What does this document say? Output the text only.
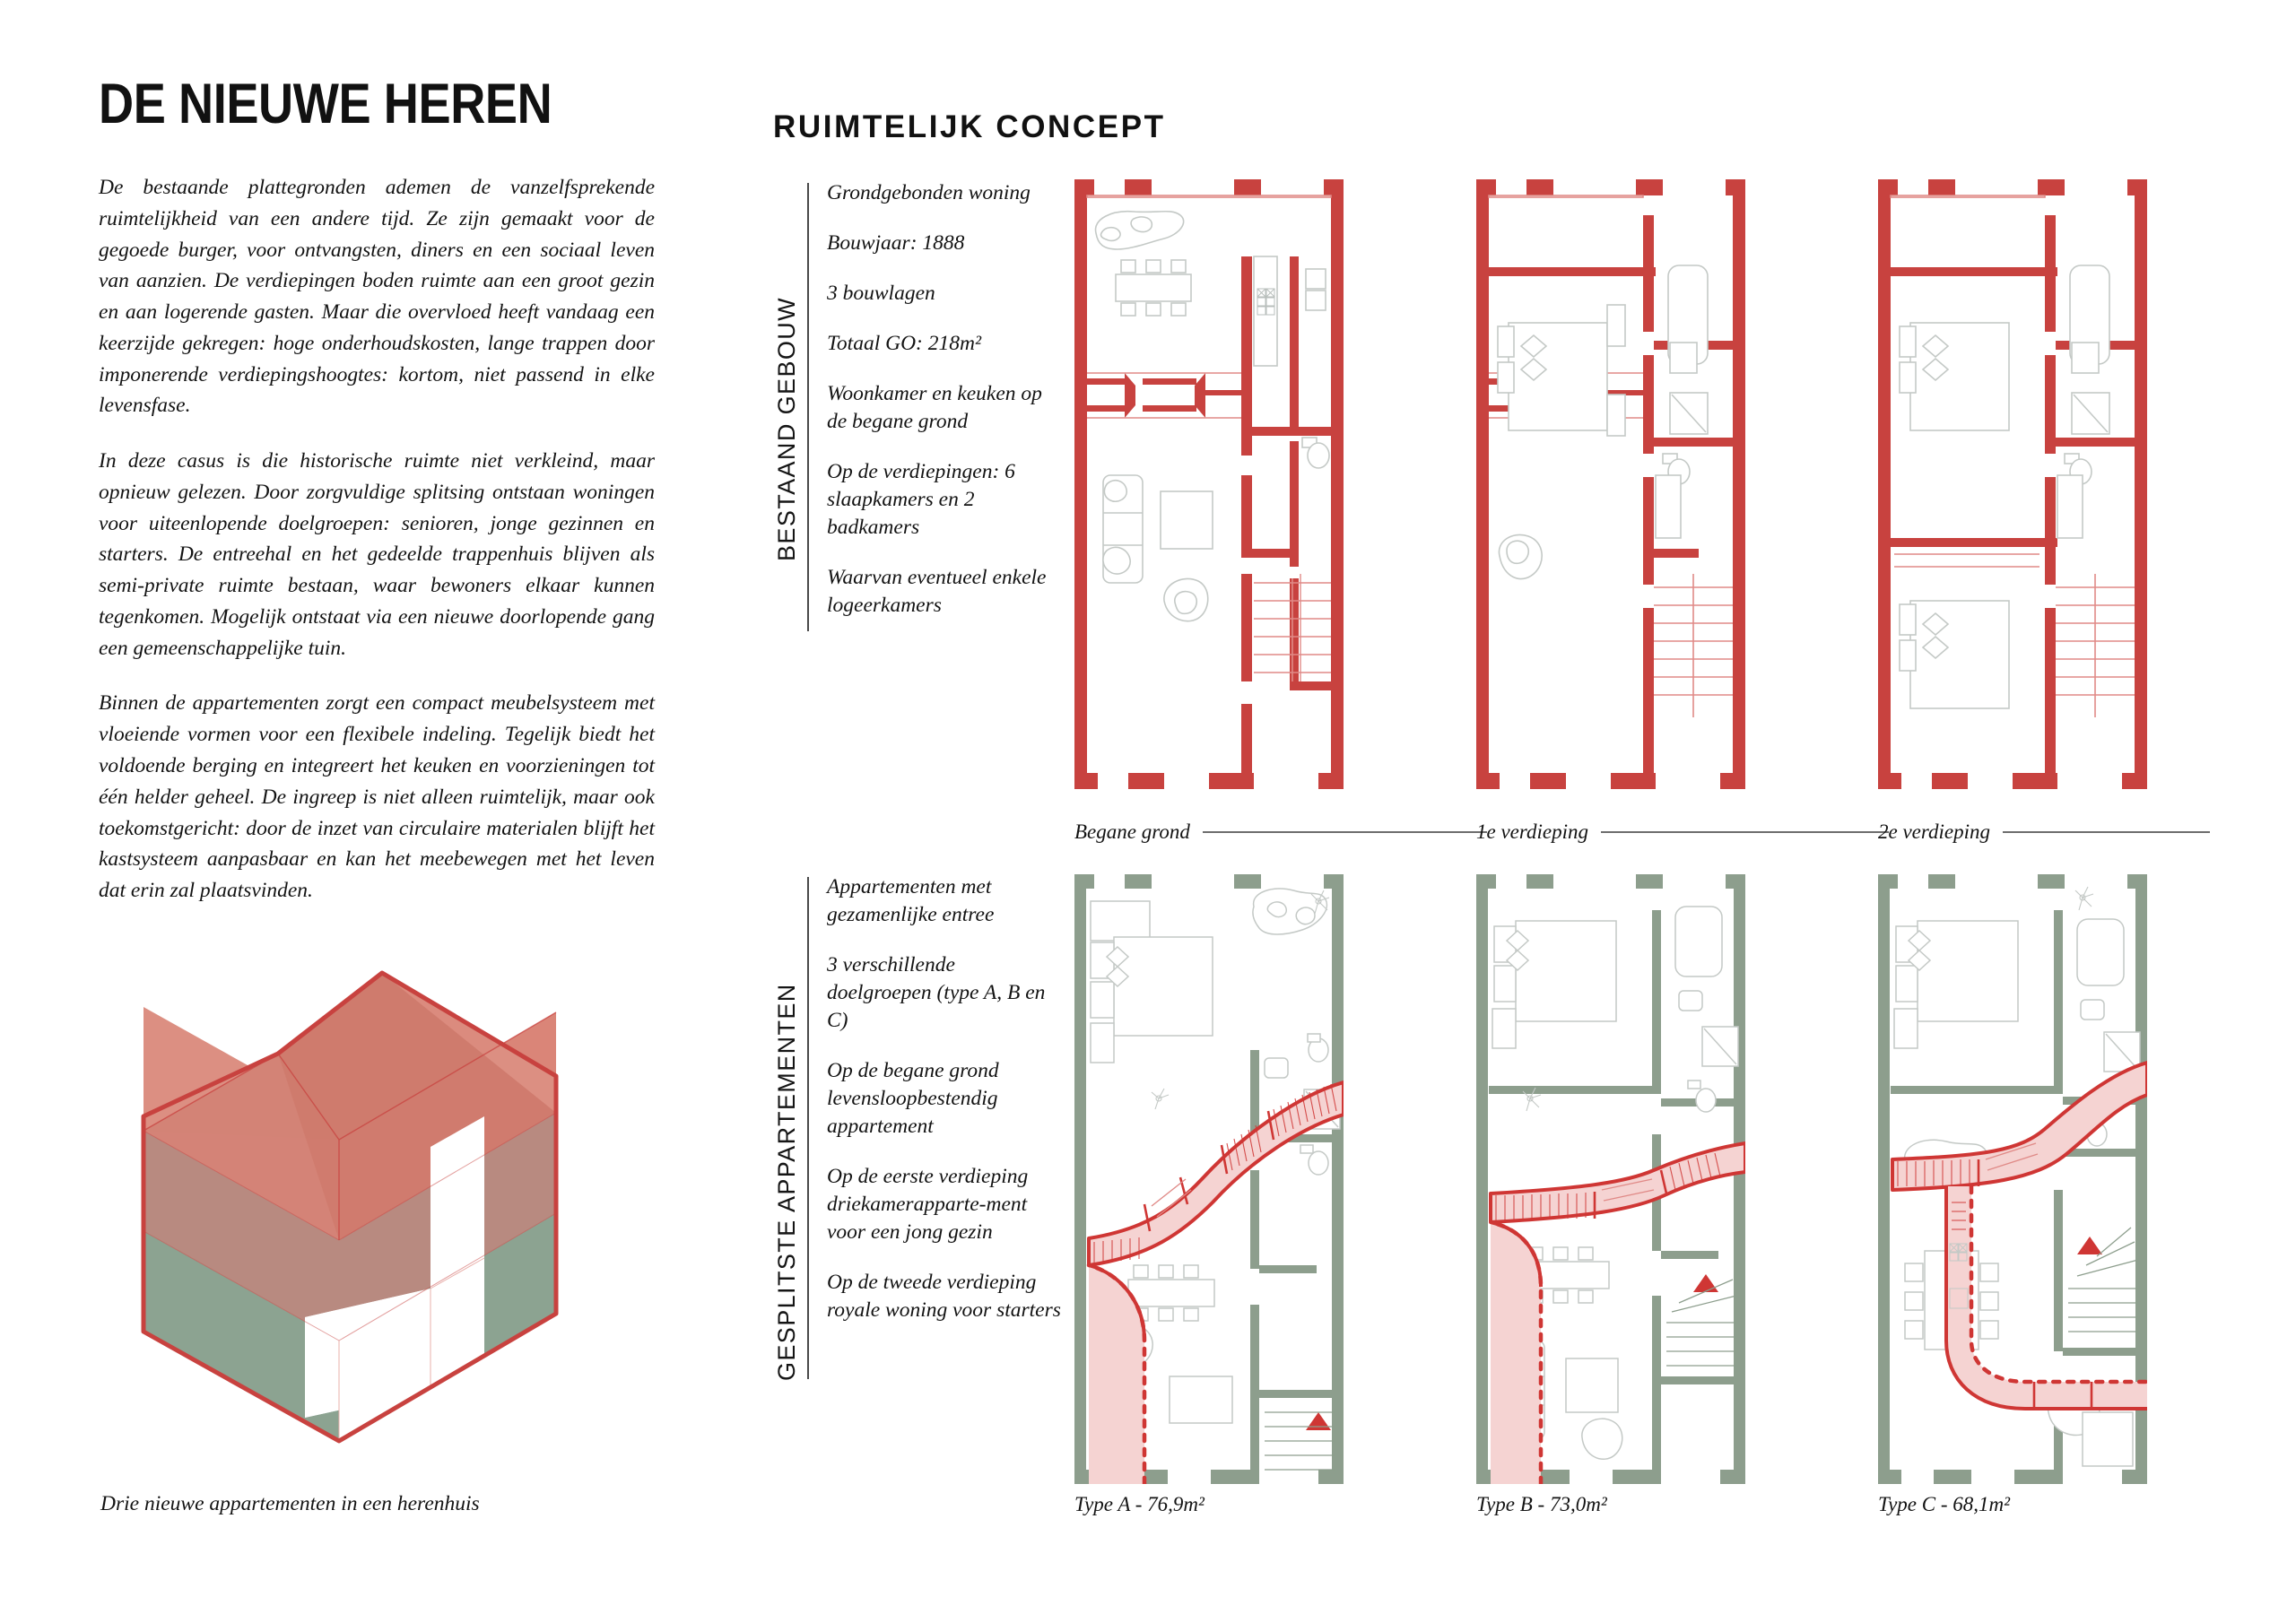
DE NIEUWE HEREN

De bestaande plattegronden ademen de vanzelfsprekende ruimtelijkheid van een andere tijd. Ze zijn gemaakt voor de gegoede burger, voor ontvangsten, diners en een sociaal leven van aanzien. De verdiepingen boden ruimte aan een groot gezin en aan logerende gasten. Maar die overvloed heeft vandaag een keerzijde gekregen: hoge onderhoudskosten, lange trappen door imponerende verdiepingshoogtes: kortom, niet passend in elke levensfase.

In deze casus is die historische ruimte niet verkleind, maar opnieuw gelezen. Door zorgvuldige splitsing ontstaan woningen voor uiteenlopende doelgroepen: senioren, jonge gezinnen en starters. De entreehal en het gedeelde trappenhuis blijven als semi-private ruimte bestaan, waar bewoners elkaar kunnen tegenkomen. Mogelijk ontstaat via een nieuwe doorlopende gang een gemeenschappelijke tuin.

Binnen de appartementen zorgt een compact meubelsysteem met vloeiende vormen voor een flexibele indeling. Tegelijk biedt het voldoende berging en integreert het keuken en voorzieningen tot één helder geheel. De ingreep is niet alleen ruimtelijk, maar ook toekomstgericht: door de inzet van circulaire materialen blijft het kastsysteem aanpasbaar en kan het meebewegen met het leven dat erin zal plaatsvinden.

Drie nieuwe appartementen in een herenhuis
RUIMTELIJK CONCEPT
BESTAAND GEBOUW
Grondgebonden woning
Bouwjaar: 1888
3 bouwlagen
Totaal GO: 218m²
Woonkamer en keuken op de begane grond
Op de verdiepingen: 6 slaapkamers en 2 badkamers
Waarvan eventueel enkele logeerkamers
Begane grond	1e verdieping	2e verdieping
GESPLITSTE APPARTEMENTEN
Appartementen met gezamenlijke entree
3 verschillende doelgroepen (type A, B en C)
Op de begane grond levensloopbestendig appartement
Op de eerste verdieping driekamerapparte-ment voor een jong gezin
Op de tweede verdieping royale woning voor starters
Type A - 76,9m²	Type B - 73,0m²	Type C - 68,1m²
